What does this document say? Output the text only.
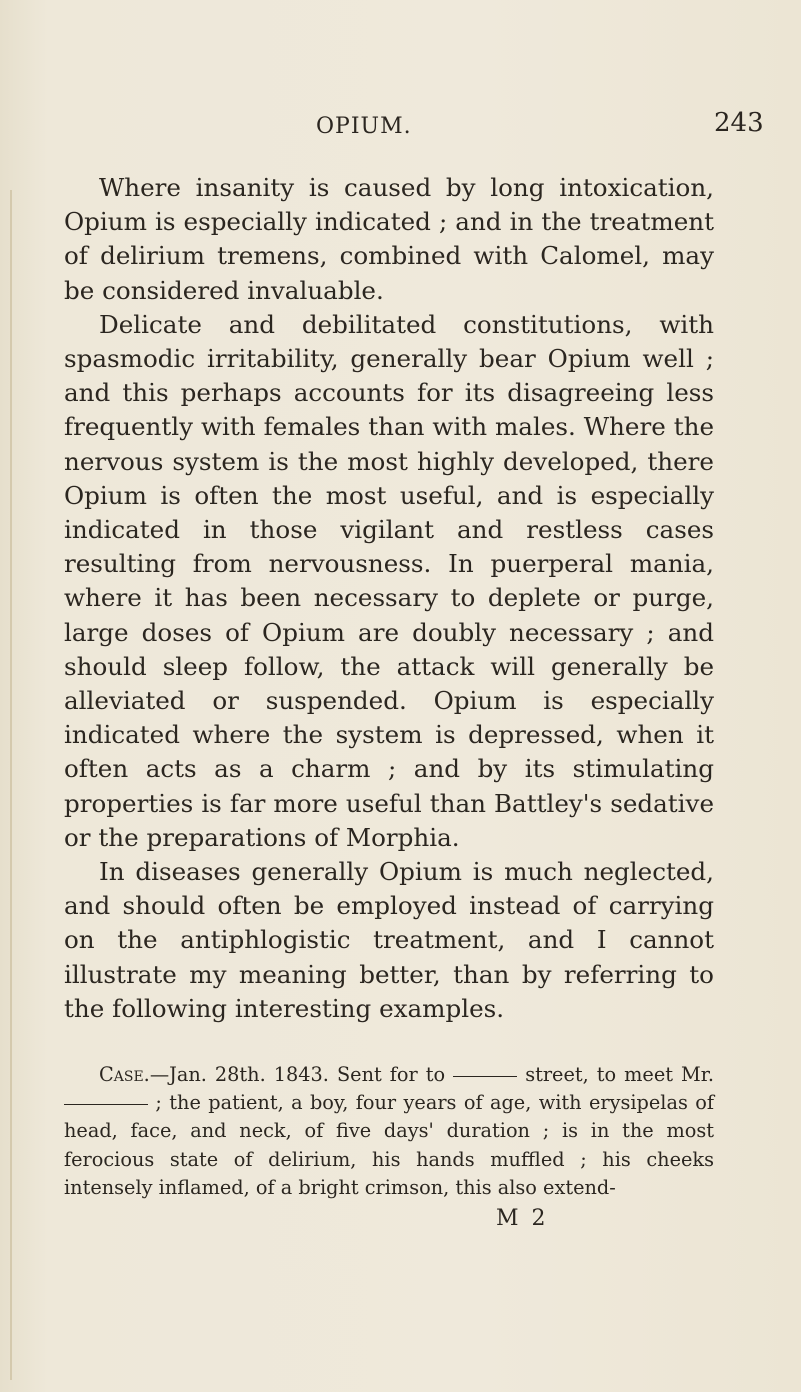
OPIUM.	243

Where insanity is caused by long intoxication, Opium is especially indicated ; and in the treatment of delirium tremens, combined with Calomel, may be considered invaluable.

Delicate and debilitated constitutions, with spasmodic irritability, generally bear Opium well ; and this perhaps accounts for its disagreeing less frequently with females than with males. Where the nervous system is the most highly developed, there Opium is often the most useful, and is especially indicated in those vigilant and restless cases resulting from nervousness. In puerperal mania, where it has been necessary to deplete or purge, large doses of Opium are doubly necessary ; and should sleep follow, the attack will generally be alleviated or suspended. Opium is especially indicated where the system is depressed, when it often acts as a charm ; and by its stimulating properties is far more useful than Battley's sedative or the preparations of Morphia.

In diseases generally Opium is much neglected, and should often be employed instead of carrying on the antiphlogistic treatment, and I cannot illustrate my meaning better, than by referring to the following interesting examples.

Case.—Jan. 28th. 1843. Sent for to	street, to meet Mr.  ; the patient, a boy, four years of age, with erysipelas of head, face, and neck, of five days' duration ; is in the most ferocious state of delirium, his hands muffled ; his cheeks intensely inflamed, of a bright crimson, this also extend-

M 2
